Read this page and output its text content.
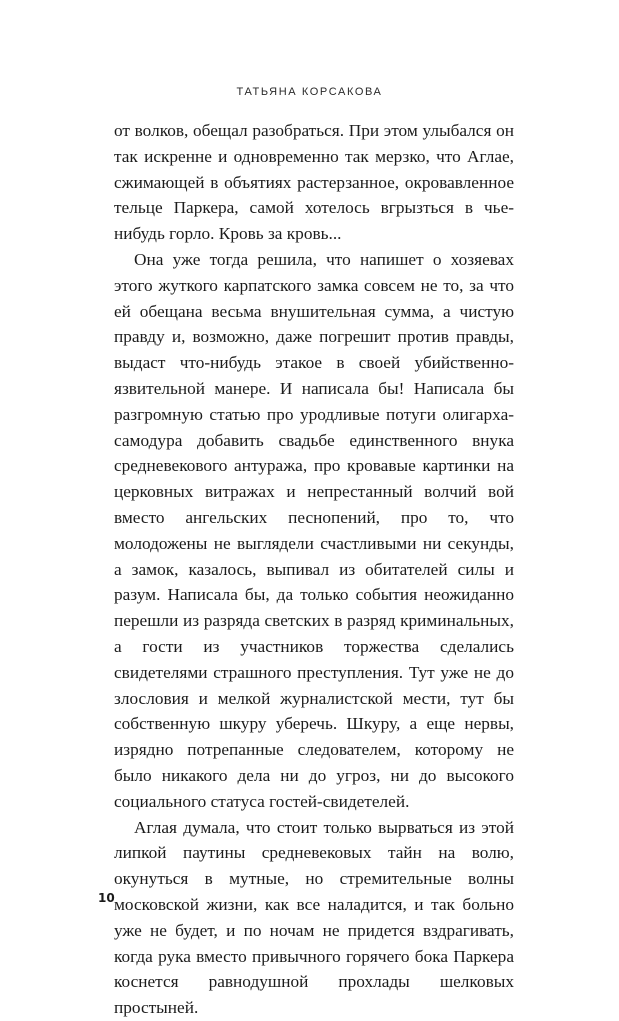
ТАТЬЯНА КОРСАКОВА

от волков, обещал разобраться. При этом улыбался он так искренне и одновременно так мерзко, что Аглае, сжимающей в объятиях растерзанное, окровавленное тельце Паркера, самой хотелось вгрызться в чье-нибудь горло. Кровь за кровь...

Она уже тогда решила, что напишет о хозяевах этого жуткого карпатского замка совсем не то, за что ей обещана весьма внушительная сумма, а чистую правду и, возможно, даже погрешит против правды, выдаст что-нибудь этакое в своей убийственно-язвительной манере. И написала бы! Написала бы разгромную статью про уродливые потуги олигарха-самодура добавить свадьбе единственного внука средневекового антуража, про кровавые картинки на церковных витражах и непрестанный волчий вой вместо ангельских песнопений, про то, что молодожены не выглядели счастливыми ни секунды, а замок, казалось, выпивал из обитателей силы и разум. Написала бы, да только события неожиданно перешли из разряда светских в разряд криминальных, а гости из участников торжества сделались свидетелями страшного преступления. Тут уже не до злословия и мелкой журналистской мести, тут бы собственную шкуру уберечь. Шкуру, а еще нервы, изрядно потрепанные следователем, которому не было никакого дела ни до угроз, ни до высокого социального статуса гостей-свидетелей.

Аглая думала, что стоит только вырваться из этой липкой паутины средневековых тайн на волю, окунуться в мутные, но стремительные волны московской жизни, как все наладится, и так больно уже не будет, и по ночам не придется вздрагивать, когда рука вместо привычного горячего бока Паркера коснется равнодушной прохлады шелковых простыней.

10
